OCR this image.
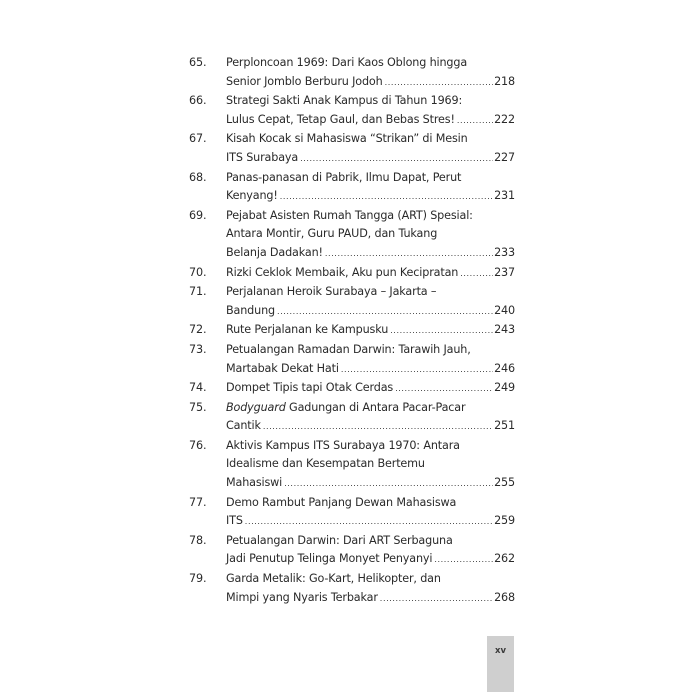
65.	Perploncoan 1969: Dari Kaos Oblong hingga
Senior Jomblo Berburu Jodoh .....	218
66.	Strategi Sakti Anak Kampus di Tahun 1969:
Lulus Cepat, Tetap Gaul, dan Bebas Stres! .....	222
67.	Kisah Kocak si Mahasiswa “Strikan” di Mesin
ITS Surabaya .....	227
68.	Panas-panasan di Pabrik, Ilmu Dapat, Perut
Kenyang! .....	231
69.	Pejabat Asisten Rumah Tangga (ART) Spesial:
Antara Montir, Guru PAUD, dan Tukang
Belanja Dadakan! .....	233
70.	Rizki Ceklok Membaik, Aku pun Kecipratan .....	237
71.	Perjalanan Heroik Surabaya – Jakarta –
Bandung .....	240
72.	Rute Perjalanan ke Kampusku .....	243
73.	Petualangan Ramadan Darwin: Tarawih Jauh,
Martabak Dekat Hati .....	246
74.	Dompet Tipis tapi Otak Cerdas .....	249
75.	Bodyguard Gadungan di Antara Pacar-Pacar
Cantik .....	251
76.	Aktivis Kampus ITS Surabaya 1970: Antara
Idealisme dan Kesempatan Bertemu
Mahasiswi .....	255
77.	Demo Rambut Panjang Dewan Mahasiswa
ITS .....	259
78.	Petualangan Darwin: Dari ART Serbaguna
Jadi Penutup Telinga Monyet Penyanyi .....	262
79.	Garda Metalik: Go-Kart, Helikopter, dan
Mimpi yang Nyaris Terbakar .....	268
xv
